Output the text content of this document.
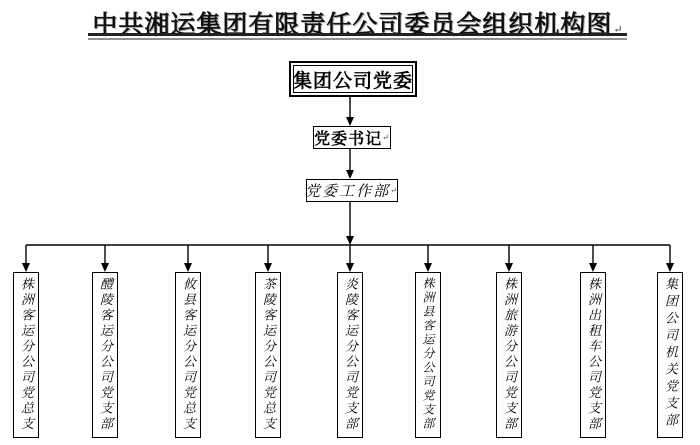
中共湘运集团有限责任公司委员会组织机构图↵
集团公司党委
党委书记 ↵
党委工作部 ↵
株洲客运分公司党总支	醴陵客运分公司党支部	攸县客运分公司党总支	茶陵客运分公司党总支	炎陵客运分公司党支部	株洲县客运分公司党支部	株洲旅游分公司党支部	株洲出租车公司党支部	集团公司机关党支部
